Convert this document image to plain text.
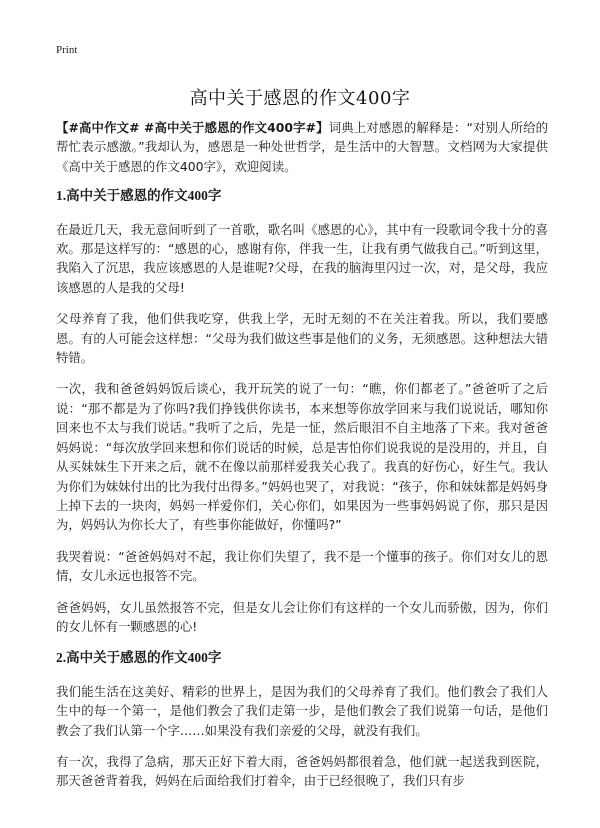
Print
高中关于感恩的作文400字

【#高中作文# #高中关于感恩的作文400字#】词典上对感恩的解释是：“对别人所给的帮忙表示感激。”我却认为，感恩是一种处世哲学，是生活中的大智慧。文档网为大家提供《高中关于感恩的作文400字》，欢迎阅读。

1.高中关于感恩的作文400字

在最近几天，我无意间听到了一首歌，歌名叫《感恩的心》，其中有一段歌词令我十分的喜欢。那是这样写的：“感恩的心，感谢有你，伴我一生，让我有勇气做我自己。”听到这里，我陷入了沉思，我应该感恩的人是谁呢?父母，在我的脑海里闪过一次，对，是父母，我应该感恩的人是我的父母!

父母养育了我，他们供我吃穿，供我上学，无时无刻的不在关注着我。所以，我们要感恩。有的人可能会这样想：“父母为我们做这些事是他们的义务，无须感恩。这种想法大错特错。

一次，我和爸爸妈妈饭后谈心，我开玩笑的说了一句：“瞧，你们都老了。”爸爸听了之后说：“那不都是为了你吗?我们挣钱供你读书，本来想等你放学回来与我们说说话，哪知你回来也不太与我们说话。”我听了之后，先是一怔，然后眼泪不自主地落了下来。我对爸爸妈妈说：“每次放学回来想和你们说话的时候，总是害怕你们说我说的是没用的，并且，自从买妹妹生下开来之后，就不在像以前那样爱我关心我了。我真的好伤心，好生气。我认为你们为妹妹付出的比为我付出得多。”妈妈也哭了，对我说：“孩子，你和妹妹都是妈妈身上掉下去的一块肉，妈妈一样爱你们，关心你们，如果因为一些事妈妈说了你，那只是因为，妈妈认为你长大了，有些事你能做好，你懂吗?”

我哭着说：“爸爸妈妈对不起，我让你们失望了，我不是一个懂事的孩子。你们对女儿的恩情，女儿永远也报答不完。

爸爸妈妈，女儿虽然报答不完，但是女儿会让你们有这样的一个女儿而骄傲，因为，你们的女儿怀有一颗感恩的心!

2.高中关于感恩的作文400字

我们能生活在这美好、精彩的世界上，是因为我们的父母养育了我们。他们教会了我们人生中的每一个第一，是他们教会了我们走第一步，是他们教会了我们说第一句话，是他们教会了我们认第一个字……如果没有我们亲爱的父母，就没有我们。

有一次，我得了急病，那天正好下着大雨，爸爸妈妈都很着急，他们就一起送我到医院，那天爸爸背着我，妈妈在后面给我们打着伞，由于已经很晚了，我们只有步
